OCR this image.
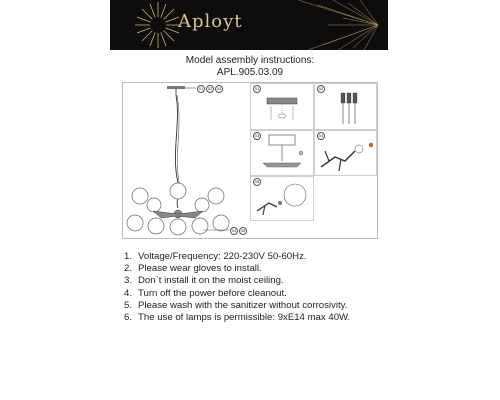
Aployt
Model assembly instructions:
APL.905.03.09
01	02	03
04	05
01	02
03	04
05
1. Voltage/Frequency: 220-230V 50-60Hz.
2. Please wear gloves to install.
3. Don`t install it on the moist ceiling.
4. Turn off the power before cleanout.
5. Please wash with the sanitizer without corrosivity.
6. The use of lamps is permissible: 9xE14 max 40W.
